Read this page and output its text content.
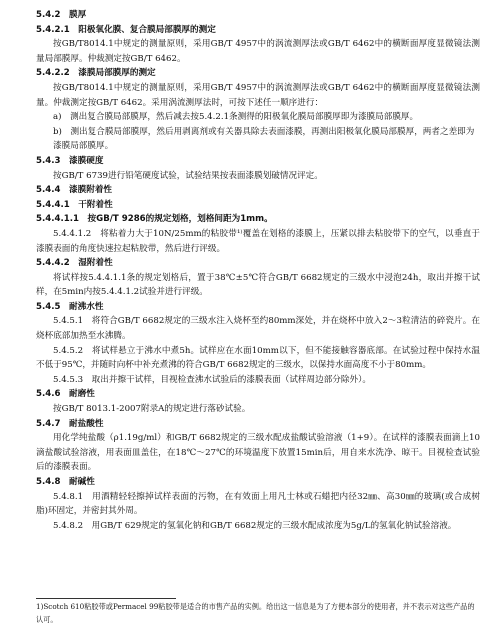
5.4.2　膜厚
5.4.2.1　阳极氧化膜、复合膜局部膜厚的测定
按GB/T8014.1中规定的测量原则，采用GB/T 4957中的涡流测厚法或GB/T 6462中的横断面厚度显微镜法测量局部膜厚。仲裁测定按GB/T 6462。
5.4.2.2　漆膜局部膜厚的测定
按GB/T8014.1中规定的测量原则，采用GB/T 4957中的涡流测厚法或GB/T 6462中的横断面厚度显微镜法测量。仲裁测定按GB/T 6462。采用涡流测厚法时，可按下述任一顺序进行：
a)　测出复合膜局部膜厚，然后减去按5.4.2.1条测得的阳极氧化膜局部膜厚即为漆膜局部膜厚。
b)　测出复合膜局部膜厚，然后用剥离剂或有关器具除去表面漆膜，再测出阳极氧化膜局部膜厚，两者之差即为漆膜局部膜厚。
5.4.3　漆膜硬度
按GB/T 6739进行铅笔硬度试验，试验结果按表面漆膜划破情况评定。
5.4.4　漆膜附着性
5.4.4.1　干附着性
5.4.4.1.1　按GB/T 9286的规定划格，划格间距为1mm。
5.4.4.1.2　将粘着力大于10N/25mm的粘胶带¹⁾覆盖在划格的漆膜上，压紧以排去粘胶带下的空气，以垂直于漆膜表面的角度快速拉起粘胶带，然后进行评级。
5.4.4.2　湿附着性
将试样按5.4.4.1.1条的规定划格后，置于38℃±5℃符合GB/T 6682规定的三级水中浸泡24h，取出并擦干试样，在5min内按5.4.4.1.2试验并进行评级。
5.4.5　耐沸水性
5.4.5.1　将符合GB/T 6682规定的三级水注入烧杯至约80mm深处，并在烧杯中放入2～3粒清洁的碎瓷片。在烧杯底部加热至水沸腾。
5.4.5.2　将试样悬立于沸水中煮5h。试样应在水面10mm以下，但不能接触容器底部。在试验过程中保持水温不低于95℃，并随时向杯中补充煮沸的符合GB/T 6682规定的三级水，以保持水面高度不小于80mm。
5.4.5.3　取出并擦干试样，目视检查沸水试验后的漆膜表面（试样周边部分除外）。
5.4.6　耐磨性
按GB/T 8013.1-2007附录A的规定进行落砂试验。
5.4.7　耐盐酸性
用化学纯盐酸（ρ1.19g/ml）和GB/T 6682规定的三级水配成盐酸试验溶液（1+9）。在试样的漆膜表面滴上10滴盐酸试验溶液，用表面皿盖住，在18℃～27℃的环境温度下放置15min后，用自来水洗净、晾干。目视检查试验后的漆膜表面。
5.4.8　耐碱性
5.4.8.1　用酒精轻轻擦掉试样表面的污物，在有效面上用凡士林或石蜡把内径32㎜、高30㎜的玻璃(或合成树脂)环固定，并密封其外周。
5.4.8.2　用GB/T 629规定的氢氧化钠和GB/T 6682规定的三级水配成浓度为5g/L的氢氧化钠试验溶液。
1)Scotch 610粘胶带或Permacel 99粘胶带是适合的市售产品的实例。给出这一信息是为了方便本部分的使用者，并不表示对这些产品的认可。
